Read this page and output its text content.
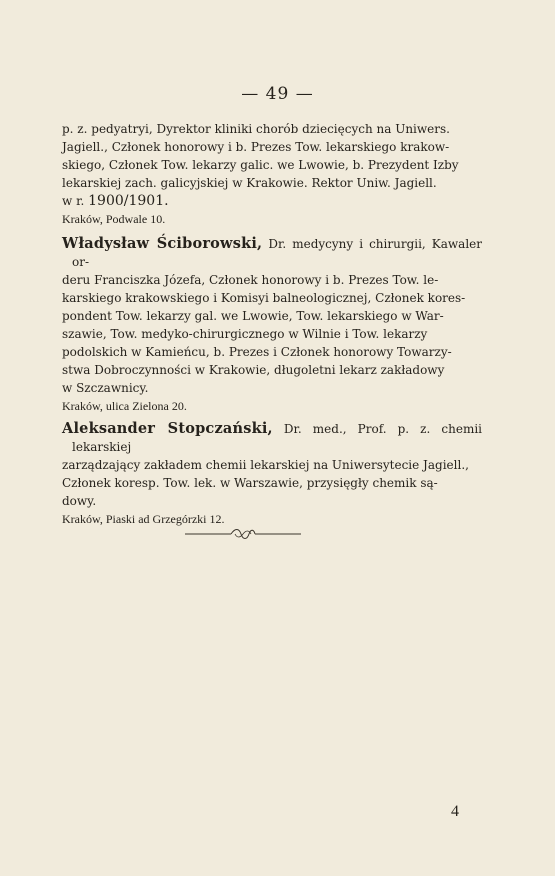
— 49 —

p. z. pedyatryi, Dyrektor kliniki chorób dziecięcych na Uniwers.

Jagiell., Członek honorowy i b. Prezes Tow. lekarskiego krakow-

skiego, Członek Tow. lekarzy galic. we Lwowie, b. Prezydent Izby

lekarskiej zach. galicyjskiej w Krakowie. Rektor Uniw. Jagiell.

w r. 1900/1901.

Kraków, Podwale 10.

Władysław Ściborowski, Dr. medycyny i chirurgii, Kawaler or-

deru Franciszka Józefa, Członek honorowy i b. Prezes Tow. le-

karskiego krakowskiego i Komisyi balneologicznej, Członek kores-

pondent Tow. lekarzy gal. we Lwowie, Tow. lekarskiego w War-

szawie, Tow. medyko-chirurgicznego w Wilnie i Tow. lekarzy

podolskich w Kamieńcu, b. Prezes i Członek honorowy Towarzy-

stwa Dobroczynności w Krakowie, długoletni lekarz zakładowy

w Szczawnicy.

Kraków, ulica Zielona 20.

Aleksander Stopczański, Dr. med., Prof. p. z. chemii lekarskiej

zarządzający zakładem chemii lekarskiej na Uniwersytecie Jagiell.,

Członek koresp. Tow. lek. w Warszawie, przysięgły chemik są-

dowy.

Kraków, Piaski ad Grzegórzki 12.

4
